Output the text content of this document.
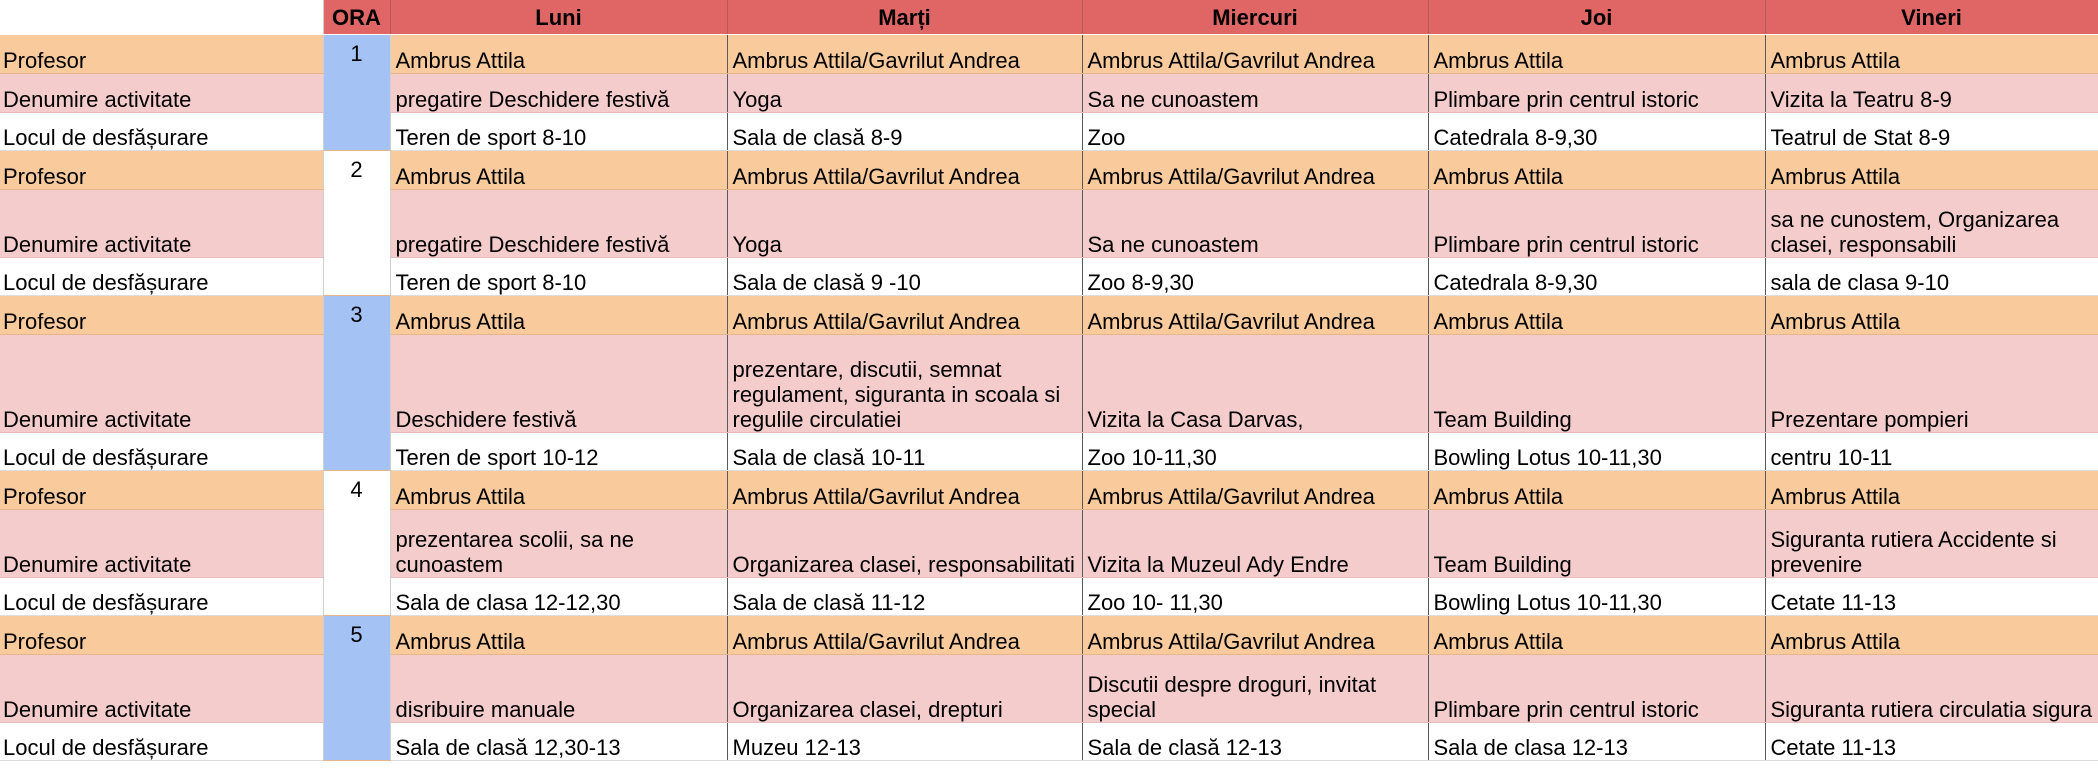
	ORA	Luni	Marți	Miercuri	Joi	Vineri
Profesor	1	Ambrus Attila	Ambrus Attila/Gavrilut Andrea	Ambrus Attila/Gavrilut Andrea	Ambrus Attila	Ambrus Attila
Denumire activitate		pregatire Deschidere festivă	Yoga	Sa ne cunoastem	Plimbare prin centrul istoric	Vizita la Teatru 8-9
Locul de desfășurare		Teren de sport 8-10	Sala de clasă 8-9	Zoo	Catedrala 8-9,30	Teatrul de Stat 8-9
Profesor	2	Ambrus Attila	Ambrus Attila/Gavrilut Andrea	Ambrus Attila/Gavrilut Andrea	Ambrus Attila	Ambrus Attila
Denumire activitate		pregatire Deschidere festivă	Yoga	Sa ne cunoastem	Plimbare prin centrul istoric	sa ne cunostem, Organizarea clasei, responsabili
Locul de desfășurare		Teren de sport 8-10	Sala de clasă 9 -10	Zoo 8-9,30	Catedrala 8-9,30	sala de clasa 9-10
Profesor	3	Ambrus Attila	Ambrus Attila/Gavrilut Andrea	Ambrus Attila/Gavrilut Andrea	Ambrus Attila	Ambrus Attila
Denumire activitate		Deschidere festivă	prezentare, discutii, semnat regulament, siguranta in scoala si regulile circulatiei	Vizita la Casa Darvas,	Team Building	Prezentare pompieri
Locul de desfășurare		Teren de sport 10-12	Sala de clasă 10-11	Zoo 10-11,30	Bowling Lotus 10-11,30	centru 10-11
Profesor	4	Ambrus Attila	Ambrus Attila/Gavrilut Andrea	Ambrus Attila/Gavrilut Andrea	Ambrus Attila	Ambrus Attila
Denumire activitate		prezentarea scolii, sa ne cunoastem	Organizarea clasei, responsabilitati	Vizita la Muzeul Ady Endre	Team Building	Siguranta rutiera Accidente si prevenire
Locul de desfășurare		Sala de clasa 12-12,30	Sala de clasă 11-12	Zoo 10- 11,30	Bowling Lotus 10-11,30	Cetate 11-13
Profesor	5	Ambrus Attila	Ambrus Attila/Gavrilut Andrea	Ambrus Attila/Gavrilut Andrea	Ambrus Attila	Ambrus Attila
Denumire activitate		disribuire manuale	Organizarea clasei, drepturi	Discutii despre droguri, invitat special	Plimbare prin centrul istoric	Siguranta rutiera circulatia sigura
Locul de desfășurare		Sala de clasă 12,30-13	Muzeu 12-13	Sala de clasă 12-13	Sala de clasa 12-13	Cetate 11-13
